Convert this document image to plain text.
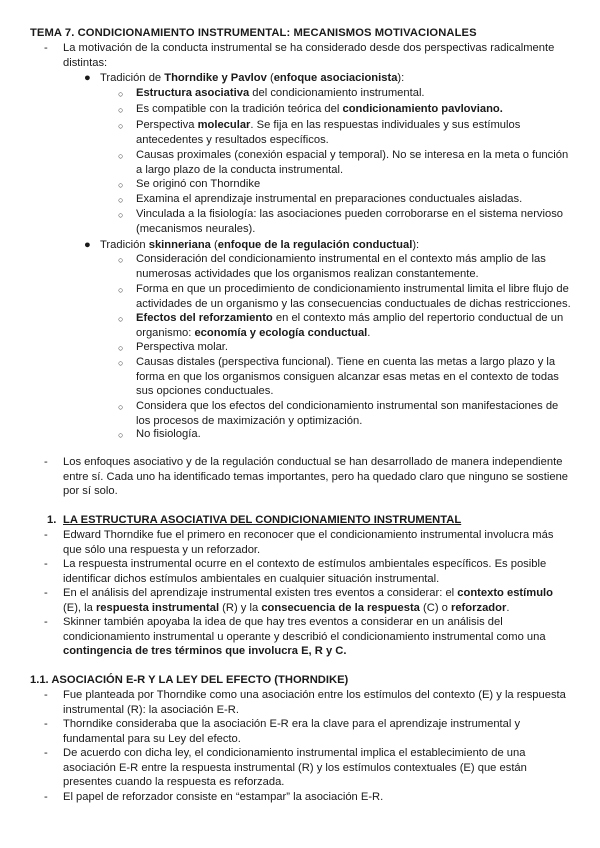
TEMA 7. CONDICIONAMIENTO INSTRUMENTAL: MECANISMOS MOTIVACIONALES
-	La motivación de la conducta instrumental se ha considerado desde dos perspectivas radicalmente distintas:
● Tradición de Thorndike y Pavlov (enfoque asociacionista):
○ Estructura asociativa del condicionamiento instrumental.
○ Es compatible con la tradición teórica del condicionamiento pavloviano.
○ Perspectiva molecular. Se fija en las respuestas individuales y sus estímulos antecedentes y resultados específicos.
○ Causas proximales (conexión espacial y temporal). No se interesa en la meta o función a largo plazo de la conducta instrumental.
○ Se originó con Thorndike
○ Examina el aprendizaje instrumental en preparaciones conductuales aisladas.
○ Vinculada a la fisiología: las asociaciones pueden corroborarse en el sistema nervioso (mecanismos neurales).
● Tradición skinneriana (enfoque de la regulación conductual):
○ Consideración del condicionamiento instrumental en el contexto más amplio de las numerosas actividades que los organismos realizan constantemente.
○ Forma en que un procedimiento de condicionamiento instrumental limita el libre flujo de actividades de un organismo y las consecuencias conductuales de dichas restricciones.
○ Efectos del reforzamiento en el contexto más amplio del repertorio conductual de un organismo: economía y ecología conductual.
○ Perspectiva molar.
○ Causas distales (perspectiva funcional). Tiene en cuenta las metas a largo plazo y la forma en que los organismos consiguen alcanzar esas metas en el contexto de todas sus opciones conductuales.
○ Considera que los efectos del condicionamiento instrumental son manifestaciones de los procesos de maximización y optimización.
○ No fisiología.
-	Los enfoques asociativo y de la regulación conductual se han desarrollado de manera independiente entre sí. Cada uno ha identificado temas importantes, pero ha quedado claro que ninguno se sostiene por sí solo.
1. LA ESTRUCTURA ASOCIATIVA DEL CONDICIONAMIENTO INSTRUMENTAL
-	Edward Thorndike fue el primero en reconocer que el condicionamiento instrumental involucra más que sólo una respuesta y un reforzador.
-	La respuesta instrumental ocurre en el contexto de estímulos ambientales específicos. Es posible identificar dichos estímulos ambientales en cualquier situación instrumental.
-	En el análisis del aprendizaje instrumental existen tres eventos a considerar: el contexto estímulo (E), la respuesta instrumental (R) y la consecuencia de la respuesta (C) o reforzador.
-	Skinner también apoyaba la idea de que hay tres eventos a considerar en un análisis del condicionamiento instrumental u operante y describió el condicionamiento instrumental como una contingencia de tres términos que involucra E, R y C.
1.1. ASOCIACIÓN E-R Y LA LEY DEL EFECTO (THORNDIKE)
-	Fue planteada por Thorndike como una asociación entre los estímulos del contexto (E) y la respuesta instrumental (R): la asociación E-R.
-	Thorndike consideraba que la asociación E-R era la clave para el aprendizaje instrumental y fundamental para su Ley del efecto.
-	De acuerdo con dicha ley, el condicionamiento instrumental implica el establecimiento de una asociación E-R entre la respuesta instrumental (R) y los estímulos contextuales (E) que están presentes cuando la respuesta es reforzada.
-	El papel de reforzador consiste en “estampar” la asociación E-R.
